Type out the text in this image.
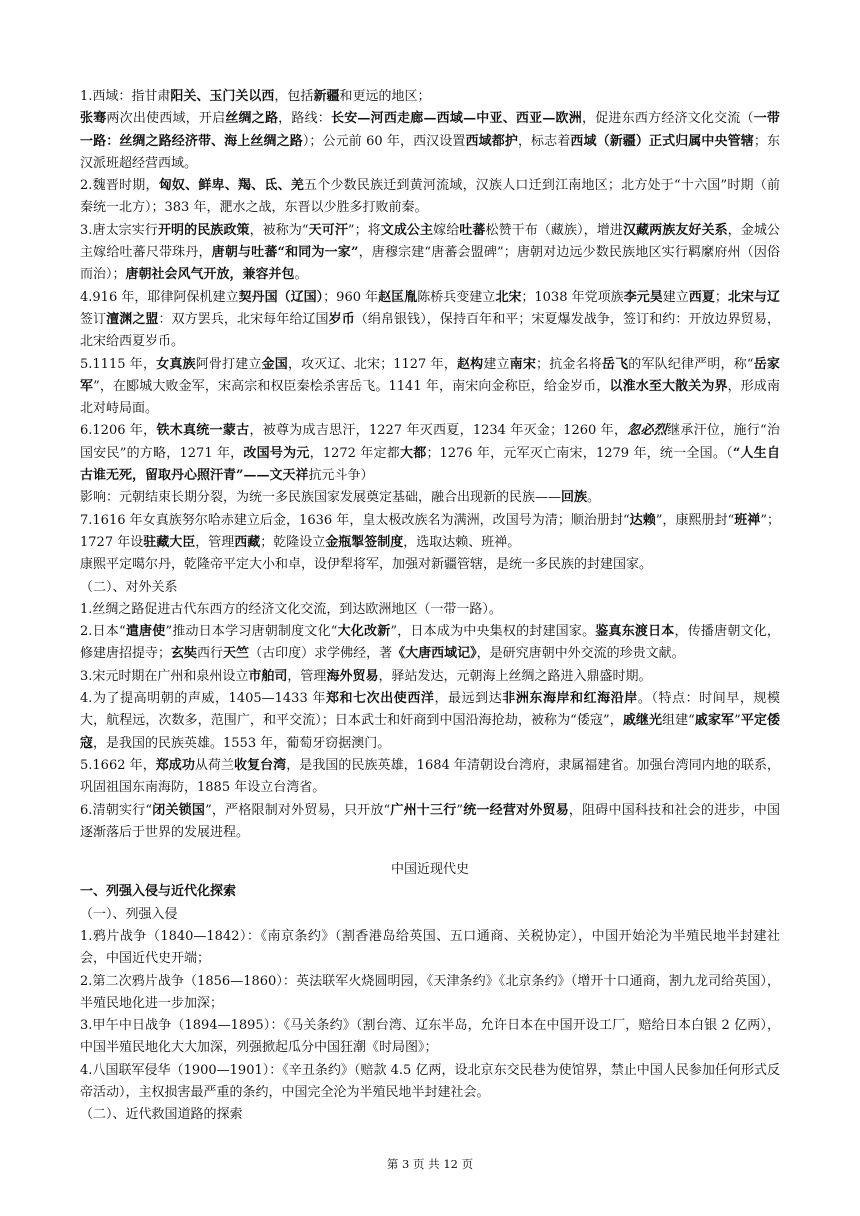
1.西域：指甘肃阳关、玉门关以西，包括新疆和更远的地区；

张骞两次出使西域，开启丝绸之路，路线：长安—河西走廊—西域—中亚、西亚—欧洲，促进东西方经济文化交流（一带一路：丝绸之路经济带、海上丝绸之路）；公元前 60 年，西汉设置西域都护，标志着西域（新疆）正式归属中央管辖；东汉派班超经营西域。

2.魏晋时期，匈奴、鲜卑、羯、氐、羌五个少数民族迁到黄河流域，汉族人口迁到江南地区；北方处于“十六国”时期（前秦统一北方）；383 年，淝水之战，东晋以少胜多打败前秦。

3.唐太宗实行开明的民族政策，被称为“天可汗”；将文成公主嫁给吐蕃松赞干布（藏族），增进汉藏两族友好关系，金城公主嫁给吐蕃尺带珠丹，唐朝与吐蕃“和同为一家”，唐穆宗建“唐蕃会盟碑”；唐朝对边远少数民族地区实行羁縻府州（因俗而治）；唐朝社会风气开放，兼容并包。

4.916 年，耶律阿保机建立契丹国（辽国）；960 年赵匡胤陈桥兵变建立北宋；1038 年党项族李元昊建立西夏；北宋与辽签订澶渊之盟：双方罢兵，北宋每年给辽国岁币（绢帛银钱），保持百年和平；宋夏爆发战争，签订和约：开放边界贸易，北宋给西夏岁币。

5.1115 年，女真族阿骨打建立金国，攻灭辽、北宋；1127 年，赵构建立南宋；抗金名将岳飞的军队纪律严明，称“岳家军”，在郾城大败金军，宋高宗和权臣秦桧杀害岳飞。1141 年，南宋向金称臣，给金岁币，以淮水至大散关为界，形成南北对峙局面。

6.1206 年，铁木真统一蒙古，被尊为成吉思汗，1227 年灭西夏，1234 年灭金；1260 年，忽必烈继承汗位，施行“治国安民”的方略，1271 年，改国号为元，1272 年定都大都；1276 年，元军灭亡南宋，1279 年，统一全国。（“人生自古谁无死，留取丹心照汗青”——文天祥抗元斗争）

影响：元朝结束长期分裂，为统一多民族国家发展奠定基础，融合出现新的民族——回族。

7.1616 年女真族努尔哈赤建立后金，1636 年，皇太极改族名为满洲，改国号为清；顺治册封“达赖”，康熙册封“班禅”；1727 年设驻藏大臣，管理西藏；乾隆设立金瓶掣签制度，选取达赖、班禅。

康熙平定噶尔丹，乾隆帝平定大小和卓，设伊犁将军，加强对新疆管辖，是统一多民族的封建国家。

（二）、对外关系

1.丝绸之路促进古代东西方的经济文化交流，到达欧洲地区（一带一路）。

2.日本“遣唐使”推动日本学习唐朝制度文化“大化改新”，日本成为中央集权的封建国家。鉴真东渡日本，传播唐朝文化，修建唐招提寺；玄奘西行天竺（古印度）求学佛经，著《大唐西域记》，是研究唐朝中外交流的珍贵文献。

3.宋元时期在广州和泉州设立市舶司，管理海外贸易，驿站发达，元朝海上丝绸之路进入鼎盛时期。

4.为了提高明朝的声威，1405—1433 年郑和七次出使西洋，最远到达非洲东海岸和红海沿岸。（特点：时间早，规模大，航程远，次数多，范围广，和平交流）；日本武士和奸商到中国沿海抢劫，被称为“倭寇”，戚继光组建“戚家军”平定倭寇，是我国的民族英雄。1553 年，葡萄牙窃据澳门。

5.1662 年，郑成功从荷兰收复台湾，是我国的民族英雄，1684 年清朝设台湾府，隶属福建省。加强台湾同内地的联系，巩固祖国东南海防，1885 年设立台湾省。

6.清朝实行“闭关锁国”，严格限制对外贸易，只开放“广州十三行”统一经营对外贸易，阻碍中国科技和社会的进步，中国逐渐落后于世界的发展进程。

中国近现代史

一、列强入侵与近代化探索

（一）、列强入侵

1.鸦片战争（1840—1842）：《南京条约》（割香港岛给英国、五口通商、关税协定），中国开始沦为半殖民地半封建社会，中国近代史开端；

2.第二次鸦片战争（1856—1860）：英法联军火烧圆明园，《天津条约》《北京条约》（增开十口通商，割九龙司给英国），半殖民地化进一步加深；

3.甲午中日战争（1894—1895）：《马关条约》（割台湾、辽东半岛，允许日本在中国开设工厂，赔给日本白银 2 亿两），中国半殖民地化大大加深，列强掀起瓜分中国狂潮《时局图》；

4.八国联军侵华（1900—1901）：《辛丑条约》（赔款 4.5 亿两，设北京东交民巷为使馆界，禁止中国人民参加任何形式反帝活动），主权损害最严重的条约，中国完全沦为半殖民地半封建社会。

（二）、近代救国道路的探索

第 3 页 共 12 页
